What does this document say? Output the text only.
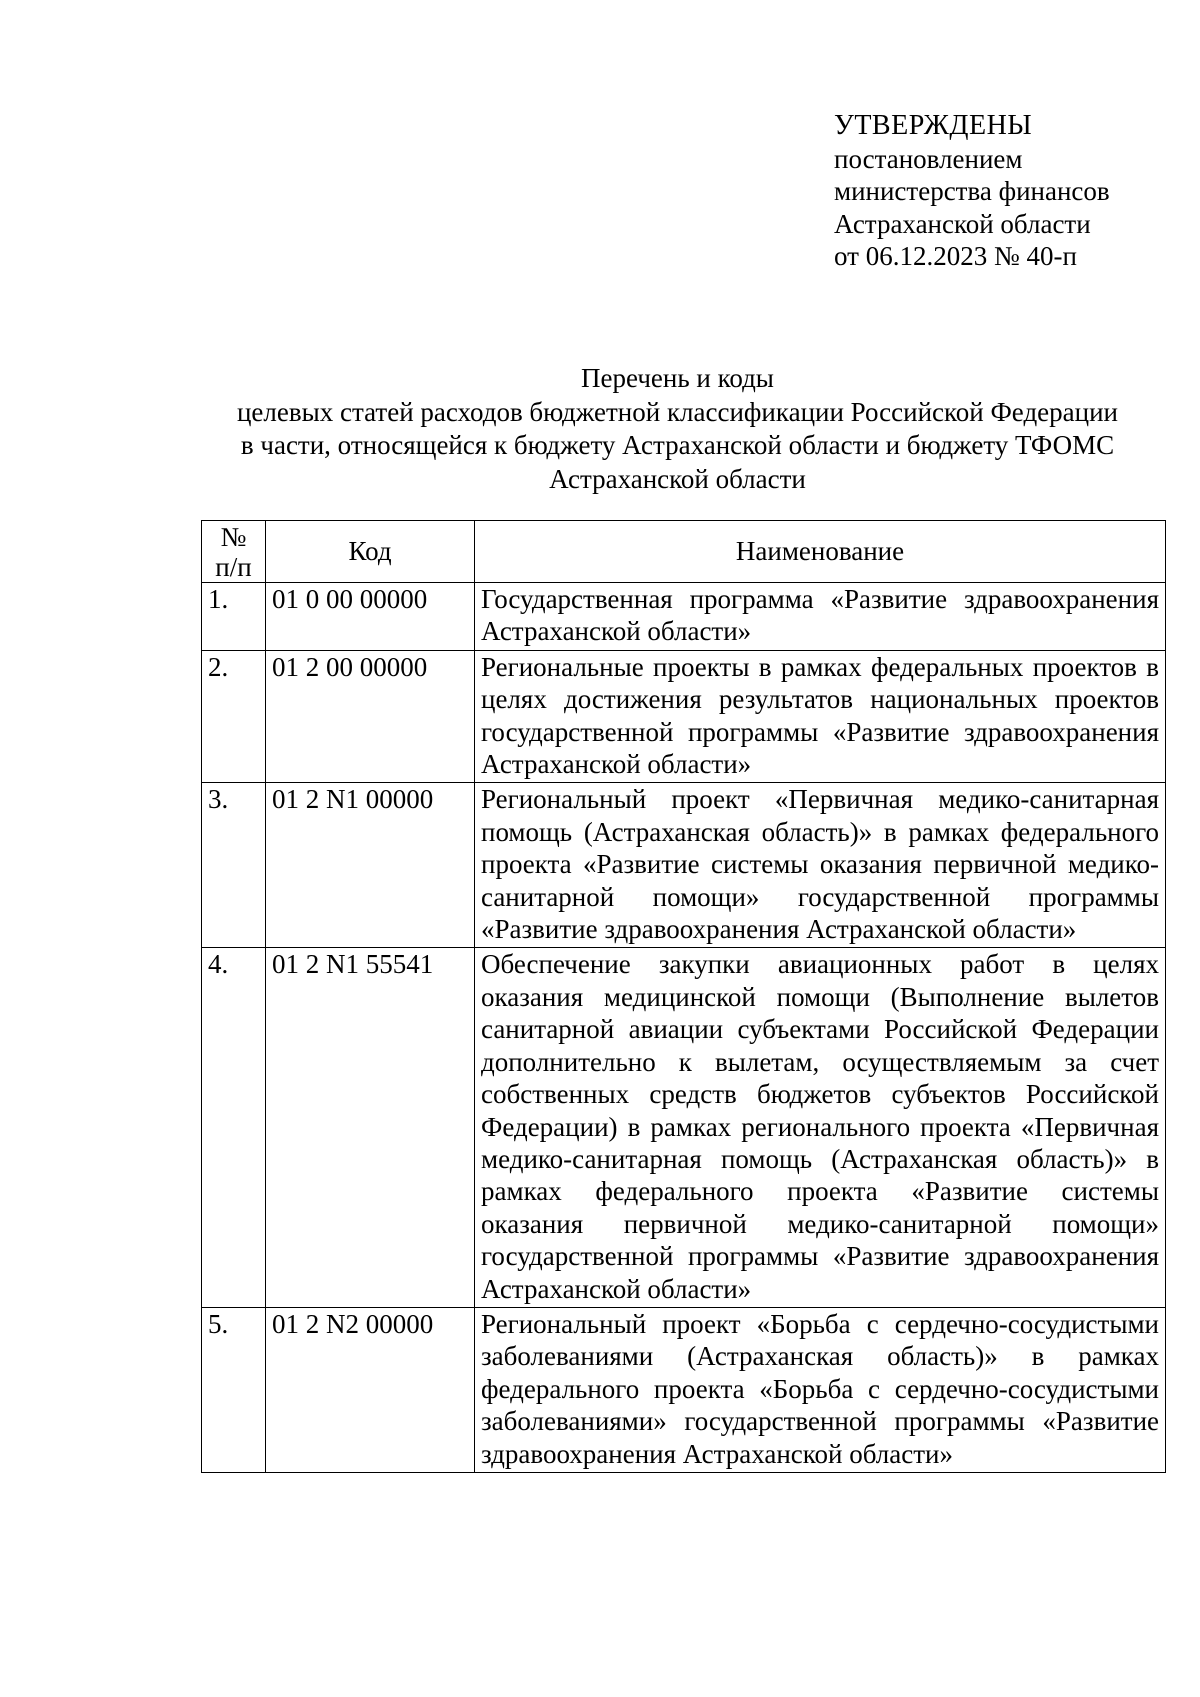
УТВЕРЖДЕНЫ
постановлением
министерства финансов
Астраханской области
от 06.12.2023 № 40-п
Перечень и коды
целевых статей расходов бюджетной классификации Российской Федерации
в части, относящейся к бюджету Астраханской области и бюджету ТФОМС
Астраханской области
№
п/п	Код	Наименование
1.	01 0 00 00000	Государственная программа «Развитие здравоохранения Астраханской области»
2.	01 2 00 00000	Региональные проекты в рамках федеральных проектов в целях достижения результатов национальных проектов государственной программы «Развитие здравоохранения Астраханской области»
3.	01 2 N1 00000	Региональный проект «Первичная медико-санитарная помощь (Астраханская область)» в рамках федерального проекта «Развитие системы оказания первичной медико-санитарной помощи» государственной программы «Развитие здравоохранения Астраханской области»
4.	01 2 N1 55541	Обеспечение закупки авиационных работ в целях оказания медицинской помощи (Выполнение вылетов санитарной авиации субъектами Российской Федерации дополнительно к вылетам, осуществляемым за счет собственных средств бюджетов субъектов Российской Федерации) в рамках регионального проекта «Первичная медико-санитарная помощь (Астраханская область)» в рамках федерального проекта «Развитие системы оказания первичной медико-санитарной помощи» государственной программы «Развитие здравоохранения Астраханской области»
5.	01 2 N2 00000	Региональный проект «Борьба с сердечно-сосудистыми заболеваниями (Астраханская область)» в рамках федерального проекта «Борьба с сердечно-сосудистыми заболеваниями» государственной программы «Развитие здравоохранения Астраханской области»
